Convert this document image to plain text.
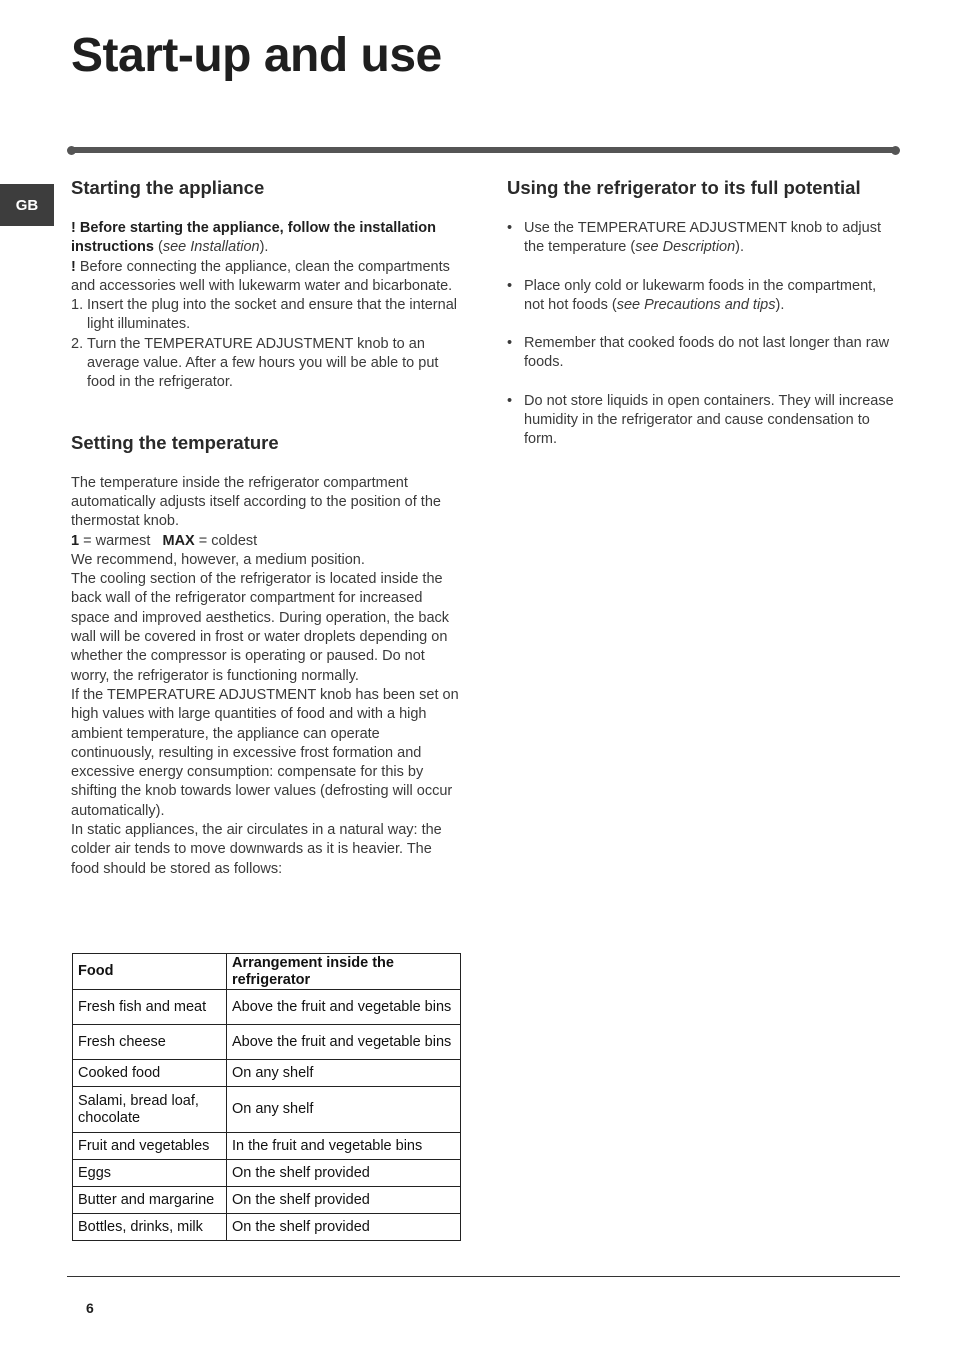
Start-up and use
GB
Starting the appliance

! Before starting the appliance, follow the installation instructions (see Installation).

! Before connecting the appliance, clean the compartments and accessories well with lukewarm water and bicarbonate.

1. Insert the plug into the socket and ensure that the internal light illuminates.
2. Turn the TEMPERATURE ADJUSTMENT knob to an average value. After a few hours you will be able to put food in the refrigerator.
Setting the temperature

The temperature inside the refrigerator compartment automatically adjusts itself according to the position of the thermostat knob.

1 = warmest MAX = coldest

We recommend, however, a medium position.

The cooling section of the refrigerator is located inside the back wall of the refrigerator compartment for increased space and improved aesthetics. During operation, the back wall will be covered in frost or water droplets depending on whether the compressor is operating or paused. Do not worry, the refrigerator is functioning normally.

If the TEMPERATURE ADJUSTMENT knob has been set on high values with large quantities of food and with a high ambient temperature, the appliance can operate continuously, resulting in excessive frost formation and excessive energy consumption: compensate for this by shifting the knob towards lower values (defrosting will occur automatically).

In static appliances, the air circulates in a natural way: the colder air tends to move downwards as it is heavier. The food should be stored as follows:

Food	Arrangement inside the refrigerator
Fresh fish and meat	Above the fruit and vegetable bins
Fresh cheese	Above the fruit and vegetable bins
Cooked food	On any shelf
Salami, bread loaf, chocolate	On any shelf
Fruit and vegetables	In the fruit and vegetable bins
Eggs	On the shelf provided
Butter and margarine	On the shelf provided
Bottles, drinks, milk	On the shelf provided
Using the refrigerator to its full potential
• Use the TEMPERATURE ADJUSTMENT knob to adjust the temperature (see Description).
• Place only cold or lukewarm foods in the compartment, not hot foods (see Precautions and tips).
• Remember that cooked foods do not last longer than raw foods.
• Do not store liquids in open containers. They will increase humidity in the refrigerator and cause condensation to form.
6
